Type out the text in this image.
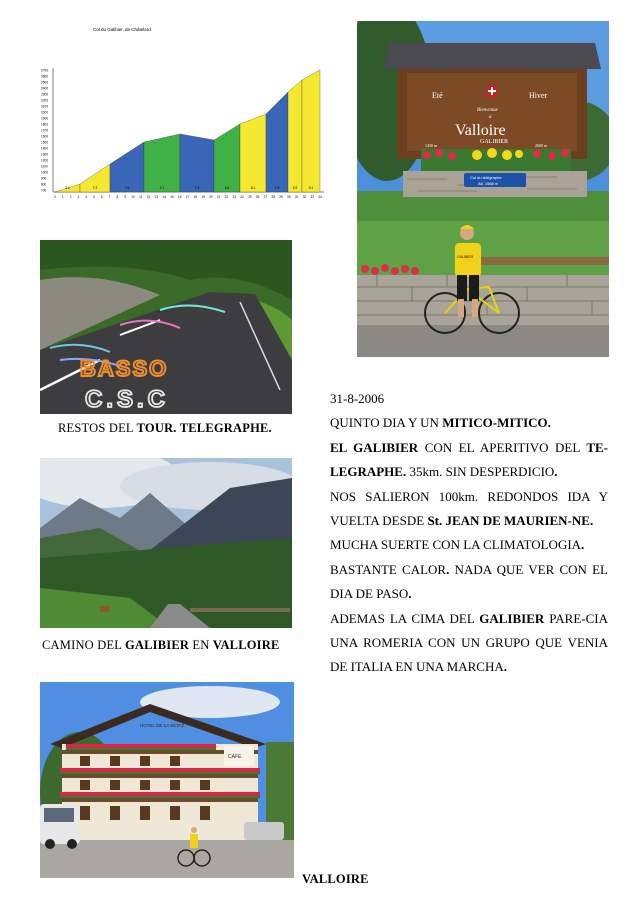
Col du Galibier, de Châtelard
2700
2600
2500
2400
2300
2200
2100
2000
1900
1800
1700
1600
1500
1400
1300
1200
1100
1000
900
800
700
0 1 2 3 4 5 6 7 8 9 10 11 12 13 14 15 16 17 18 19 20 21 22 23 24 25 26 27 28 29 30 31 32 33 34
2.2	7.2	7.6	4.7	7.4	6.6	6.1	7.9	6.9	9.1
Eté	Hiver
Bienvenue
à
Valloire
GALIBIER
1430 m	2600 m
Col du télégraphe
Alt. 1566 m
GALIBIER
BASSO
C.S.C
RESTOS DEL TOUR. TELEGRAPHE.
CAMINO DEL GALIBIER EN VALLOIRE
HOTEL DE LA SETAZ
CAFE
VALLOIRE

31-8-2006

QUINTO DIA Y UN MITICO-MITICO.

EL GALIBIER CON EL APERITIVO DEL TE-LEGRAPHE. 35km. SIN DESPERDICIO.

NOS SALIERON 100km. REDONDOS IDA Y VUELTA DESDE St. JEAN DE MAURIEN-NE.

MUCHA SUERTE CON LA CLIMATOLOGIA.

BASTANTE CALOR. NADA QUE VER CON EL DIA DE PASO.

ADEMAS LA CIMA DEL GALIBIER PARE-CIA UNA ROMERIA CON UN GRUPO QUE VENIA DE ITALIA EN UNA MARCHA.
